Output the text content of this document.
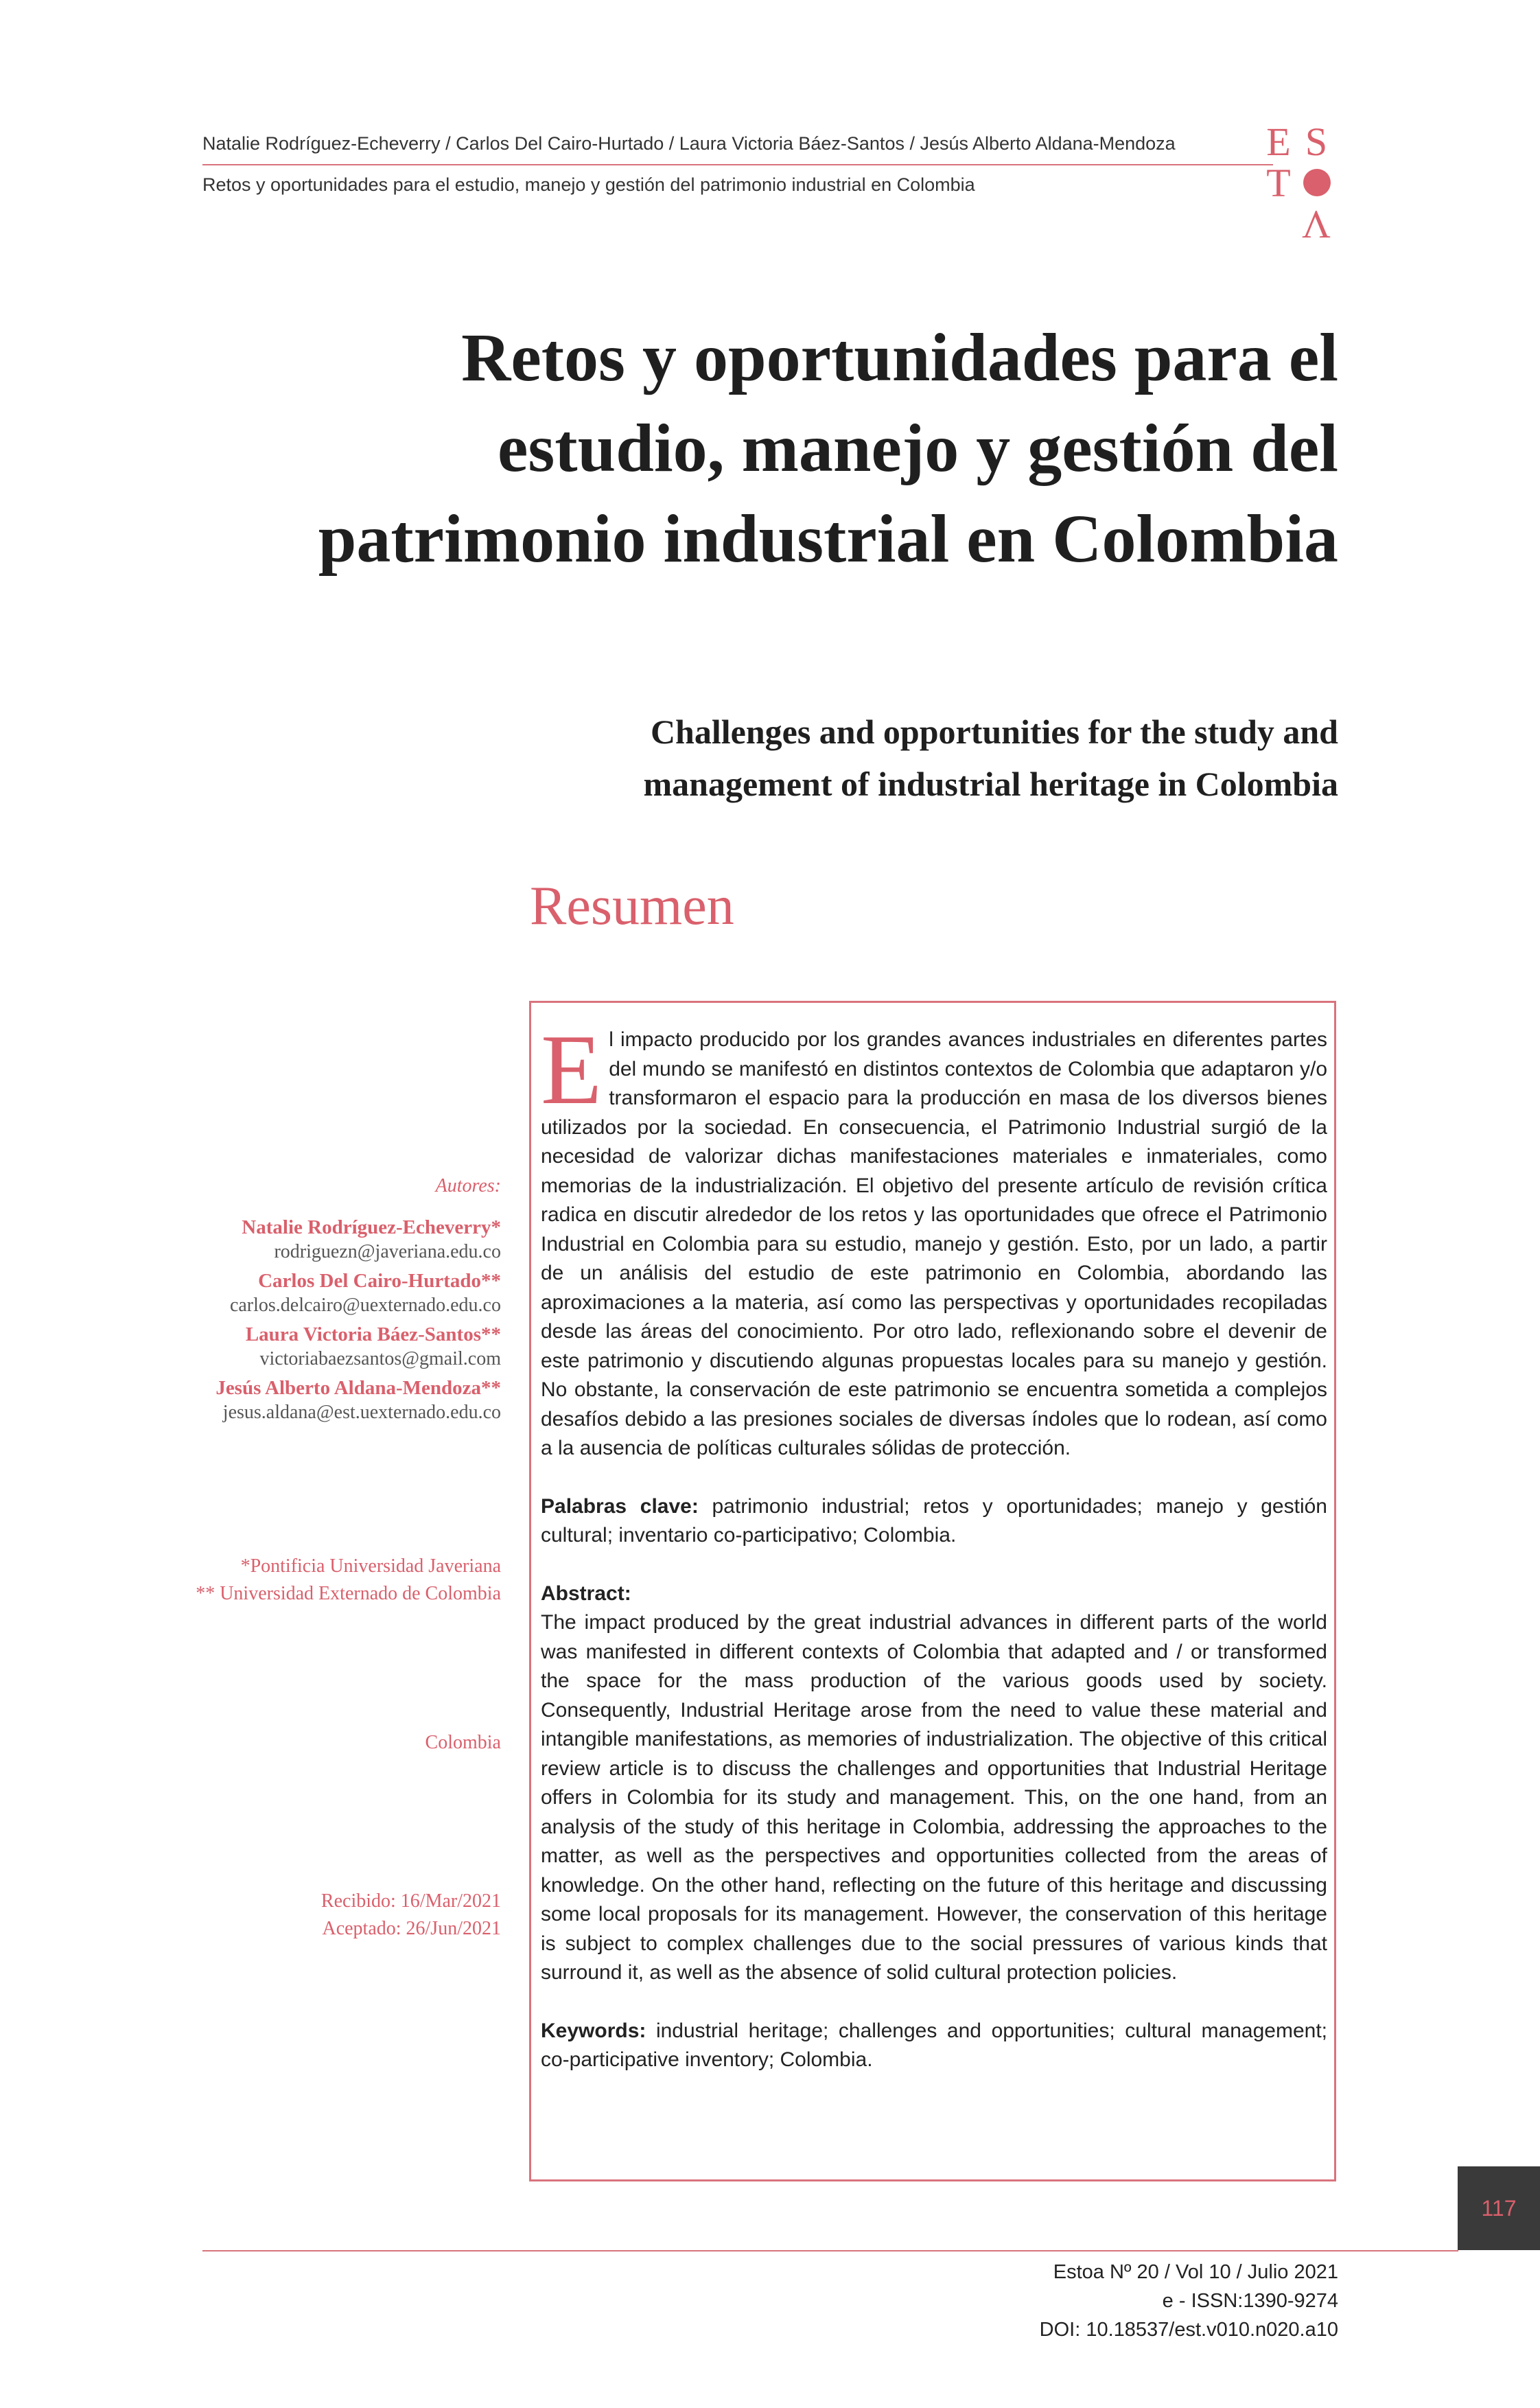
Natalie Rodríguez-Echeverry / Carlos Del Cairo-Hurtado / Laura Victoria Báez-Santos / Jesús Alberto Aldana-Mendoza
Retos y oportunidades para el estudio, manejo y gestión del patrimonio industrial en Colombia
E S
T
V
Retos y oportunidades para el
estudio, manejo y gestión del
patrimonio industrial en Colombia
Challenges and opportunities for the study and
management of industrial heritage in Colombia
Resumen
Autores:
Natalie Rodríguez-Echeverry*
rodriguezn@javeriana.edu.co
Carlos Del Cairo-Hurtado**
carlos.delcairo@uexternado.edu.co
Laura Victoria Báez-Santos**
victoriabaezsantos@gmail.com
Jesús Alberto Aldana-Mendoza**
jesus.aldana@est.uexternado.edu.co
*Pontificia Universidad Javeriana
** Universidad Externado de Colombia
Colombia
Recibido: 16/Mar/2021
Aceptado: 26/Jun/2021

El impacto producido por los grandes avances industriales en diferentes partes del mundo se manifestó en distintos contextos de Colombia que adaptaron y/o transformaron el espacio para la producción en masa de los diversos bienes utilizados por la sociedad. En consecuencia, el Patrimonio Industrial surgió de la necesidad de valorizar dichas manifestaciones materiales e inmateriales, como memorias de la industrialización. El objetivo del presente artículo de revisión crítica radica en discutir alrededor de los retos y las oportunidades que ofrece el Patrimonio Industrial en Colombia para su estudio, manejo y gestión. Esto, por un lado, a partir de un análisis del estudio de este patrimonio en Colombia, abordando las aproximaciones a la materia, así como las perspectivas y oportunidades recopiladas desde las áreas del conocimiento. Por otro lado, reflexionando sobre el devenir de este patrimonio y discutiendo algunas propuestas locales para su manejo y gestión. No obstante, la conservación de este patrimonio se encuentra sometida a complejos desafíos debido a las presiones sociales de diversas índoles que lo rodean, así como a la ausencia de políticas culturales sólidas de protección.

Palabras clave: patrimonio industrial; retos y oportunidades; manejo y gestión cultural; inventario co-participativo; Colombia.

Abstract:

The impact produced by the great industrial advances in different parts of the world was manifested in different contexts of Colombia that adapted and / or transformed the space for the mass production of the various goods used by society. Consequently, Industrial Heritage arose from the need to value these material and intangible manifestations, as memories of industrialization. The objective of this critical review article is to discuss the challenges and opportunities that Industrial Heritage offers in Colombia for its study and management. This, on the one hand, from an analysis of the study of this heritage in Colombia, addressing the approaches to the matter, as well as the perspectives and opportunities collected from the areas of knowledge. On the other hand, reflecting on the future of this heritage and discussing some local proposals for its management. However, the conservation of this heritage is subject to complex challenges due to the social pressures of various kinds that surround it, as well as the absence of solid cultural protection policies.

Keywords: industrial heritage; challenges and opportunities; cultural management; co-participative inventory; Colombia.

117
Estoa Nº 20 / Vol 10 / Julio 2021
e - ISSN:1390-9274
DOI: 10.18537/est.v010.n020.a10
